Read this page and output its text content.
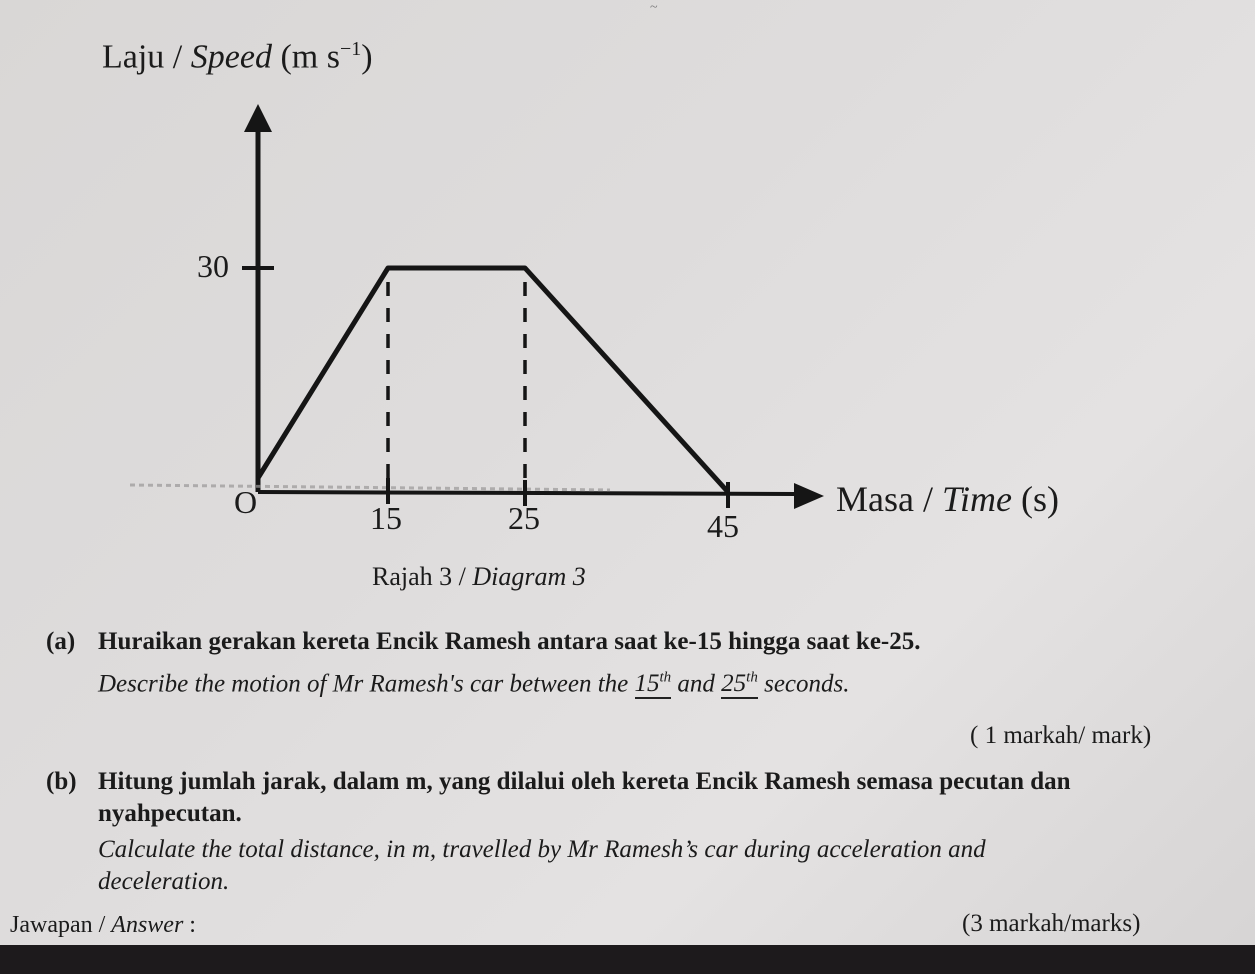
~
Laju / Speed (m $s^{-1}$)
30
O	15	25	45
Masa / Time (s)
Rajah 3 / Diagram 3
(a) Huraikan gerakan kereta Encik Ramesh antara saat ke-15 hingga saat ke-25.
Describe the motion of Mr Ramesh's car between the 15th and 25th seconds.
( 1 markah/ mark)
(b) Hitung jumlah jarak, dalam m, yang dilalui oleh kereta Encik Ramesh semasa pecutan dan
nyahpecutan.
Calculate the total distance, in m, travelled by Mr Ramesh’s car during acceleration and
deceleration.
(3 markah/marks)
Jawapan / Answer :
